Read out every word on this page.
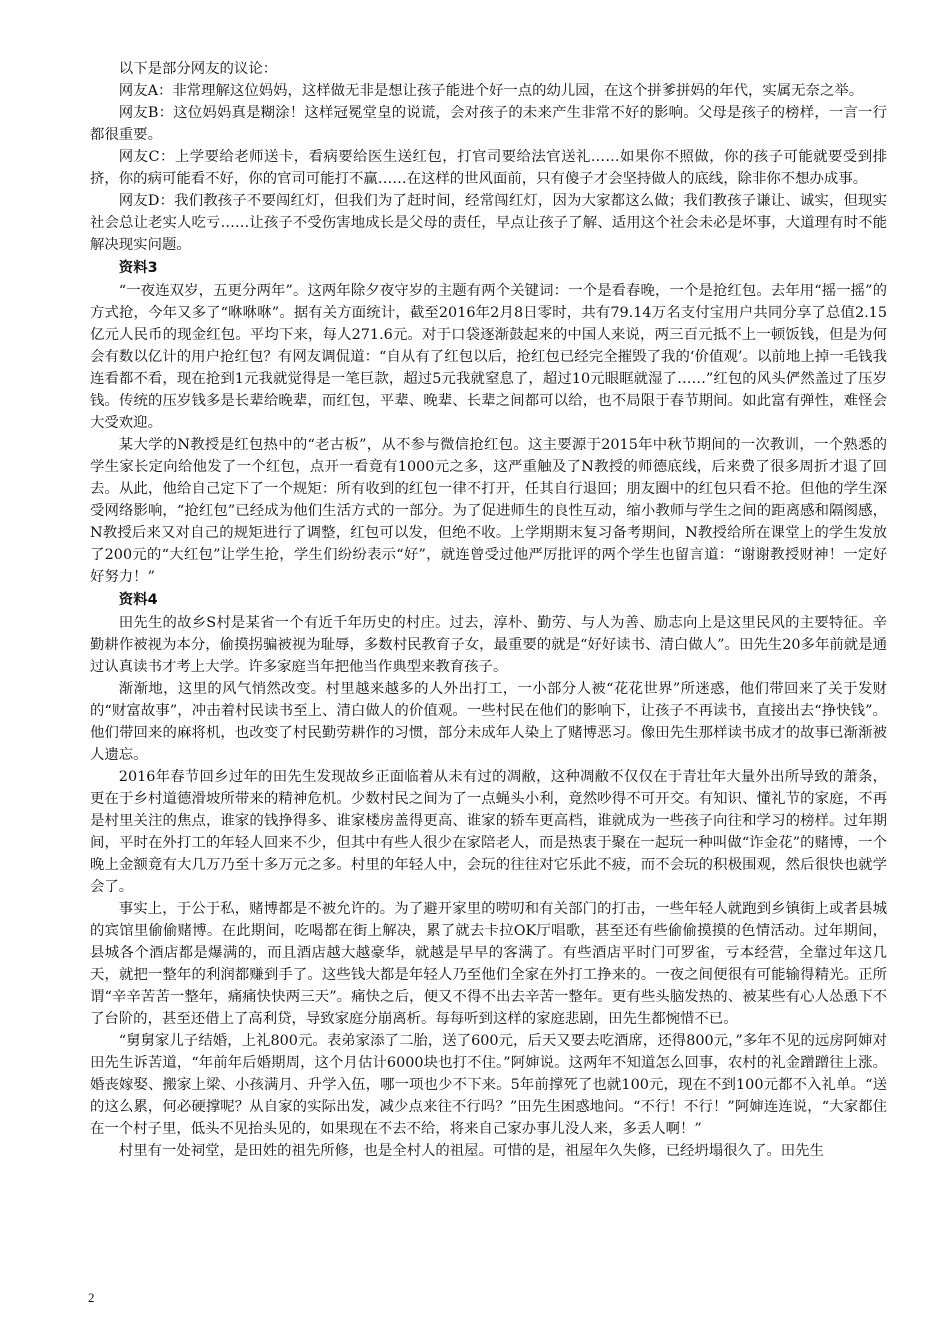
以下是部分网友的议论：

网友A：非常理解这位妈妈，这样做无非是想让孩子能进个好一点的幼儿园，在这个拼爹拼妈的年代，实属无奈之举。

网友B：这位妈妈真是糊涂！这样冠冕堂皇的说谎，会对孩子的未来产生非常不好的影响。父母是孩子的榜样，一言一行都很重要。

网友C：上学要给老师送卡，看病要给医生送红包，打官司要给法官送礼……如果你不照做，你的孩子可能就要受到排挤，你的病可能看不好，你的官司可能打不赢……在这样的世风面前，只有傻子才会坚持做人的底线，除非你不想办成事。

网友D：我们教孩子不要闯红灯，但我们为了赶时间，经常闯红灯，因为大家都这么做；我们教孩子谦让、诚实，但现实社会总让老实人吃亏……让孩子不受伤害地成长是父母的责任，早点让孩子了解、适用这个社会未必是坏事，大道理有时不能解决现实问题。

资料3

“一夜连双岁，五更分两年”。这两年除夕夜守岁的主题有两个关键词：一个是看春晚，一个是抢红包。去年用“摇一摇”的方式抢，今年又多了“咻咻咻”。据有关方面统计，截至2016年2月8日零时，共有79.14万名支付宝用户共同分享了总值2.15亿元人民币的现金红包。平均下来，每人271.6元。对于口袋逐渐鼓起来的中国人来说，两三百元抵不上一顿饭钱，但是为何会有数以亿计的用户抢红包？有网友调侃道：“自从有了红包以后，抢红包已经完全摧毁了我的‘价值观’。以前地上掉一毛钱我连看都不看，现在抢到1元我就觉得是一笔巨款，超过5元我就窒息了，超过10元眼眶就湿了……”红包的风头俨然盖过了压岁钱。传统的压岁钱多是长辈给晚辈，而红包，平辈、晚辈、长辈之间都可以给，也不局限于春节期间。如此富有弹性，难怪会大受欢迎。

某大学的N教授是红包热中的“老古板”，从不参与微信抢红包。这主要源于2015年中秋节期间的一次教训，一个熟悉的学生家长定向给他发了一个红包，点开一看竟有1000元之多，这严重触及了N教授的师德底线，后来费了很多周折才退了回去。从此，他给自己定下了一个规矩：所有收到的红包一律不打开，任其自行退回；朋友圈中的红包只看不抢。但他的学生深受网络影响，“抢红包”已经成为他们生活方式的一部分。为了促进师生的良性互动，缩小教师与学生之间的距离感和隔阂感，N教授后来又对自己的规矩进行了调整，红包可以发，但绝不收。上学期期末复习备考期间，N教授给所在课堂上的学生发放了200元的“大红包”让学生抢，学生们纷纷表示“好”，就连曾受过他严厉批评的两个学生也留言道：“谢谢教授财神！一定好好努力！”

资料4

田先生的故乡S村是某省一个有近千年历史的村庄。过去，淳朴、勤劳、与人为善、励志向上是这里民风的主要特征。辛勤耕作被视为本分，偷摸拐骗被视为耻辱，多数村民教育子女，最重要的就是“好好读书、清白做人”。田先生20多年前就是通过认真读书才考上大学。许多家庭当年把他当作典型来教育孩子。

渐渐地，这里的风气悄然改变。村里越来越多的人外出打工，一小部分人被“花花世界”所迷惑，他们带回来了关于发财的“财富故事”，冲击着村民读书至上、清白做人的价值观。一些村民在他们的影响下，让孩子不再读书，直接出去“挣快钱”。他们带回来的麻将机，也改变了村民勤劳耕作的习惯，部分未成年人染上了赌博恶习。像田先生那样读书成才的故事已渐渐被人遗忘。

2016年春节回乡过年的田先生发现故乡正面临着从未有过的凋敝，这种凋敝不仅仅在于青壮年大量外出所导致的萧条，更在于乡村道德滑坡所带来的精神危机。少数村民之间为了一点蝇头小利，竟然吵得不可开交。有知识、懂礼节的家庭，不再是村里关注的焦点，谁家的钱挣得多、谁家楼房盖得更高、谁家的轿车更高档，谁就成为一些孩子向往和学习的榜样。过年期间，平时在外打工的年轻人回来不少，但其中有些人很少在家陪老人，而是热衷于聚在一起玩一种叫做“诈金花”的赌博，一个晚上金额竟有大几万乃至十多万元之多。村里的年轻人中，会玩的往往对它乐此不疲，而不会玩的积极围观，然后很快也就学会了。

事实上，于公于私，赌博都是不被允许的。为了避开家里的唠叨和有关部门的打击，一些年轻人就跑到乡镇街上或者县城的宾馆里偷偷赌博。在此期间，吃喝都在街上解决，累了就去卡拉OK厅唱歌，甚至还有些偷偷摸摸的色情活动。过年期间，县城各个酒店都是爆满的，而且酒店越大越豪华，就越是早早的客满了。有些酒店平时门可罗雀，亏本经营，全靠过年这几天，就把一整年的利润都赚到手了。这些钱大都是年轻人乃至他们全家在外打工挣来的。一夜之间便很有可能输得精光。正所谓“辛辛苦苦一整年，痛痛快快两三天”。痛快之后，便又不得不出去辛苦一整年。更有些头脑发热的、被某些有心人怂恿下不了台阶的，甚至还借上了高利贷，导致家庭分崩离析。每每听到这样的家庭悲剧，田先生都惋惜不已。

“舅舅家儿子结婚，上礼800元。表弟家添了二胎，送了600元，后天又要去吃酒席，还得800元，”多年不见的远房阿婶对田先生诉苦道，“年前年后婚期周，这个月估计6000块也打不住。”阿婶说。这两年不知道怎么回事，农村的礼金蹭蹭往上涨。婚丧嫁娶、搬家上梁、小孩满月、升学入伍，哪一项也少不下来。5年前撑死了也就100元，现在不到100元都不入礼单。“送的这么累，何必硬撑呢？从自家的实际出发，减少点来往不行吗？”田先生困惑地问。“不行！不行！”阿婶连连说，“大家都住在一个村子里，低头不见抬头见的，如果现在不去不给，将来自己家办事儿没人来，多丢人啊！”

村里有一处祠堂，是田姓的祖先所修，也是全村人的祖屋。可惜的是，祖屋年久失修，已经坍塌很久了。田先生

2
